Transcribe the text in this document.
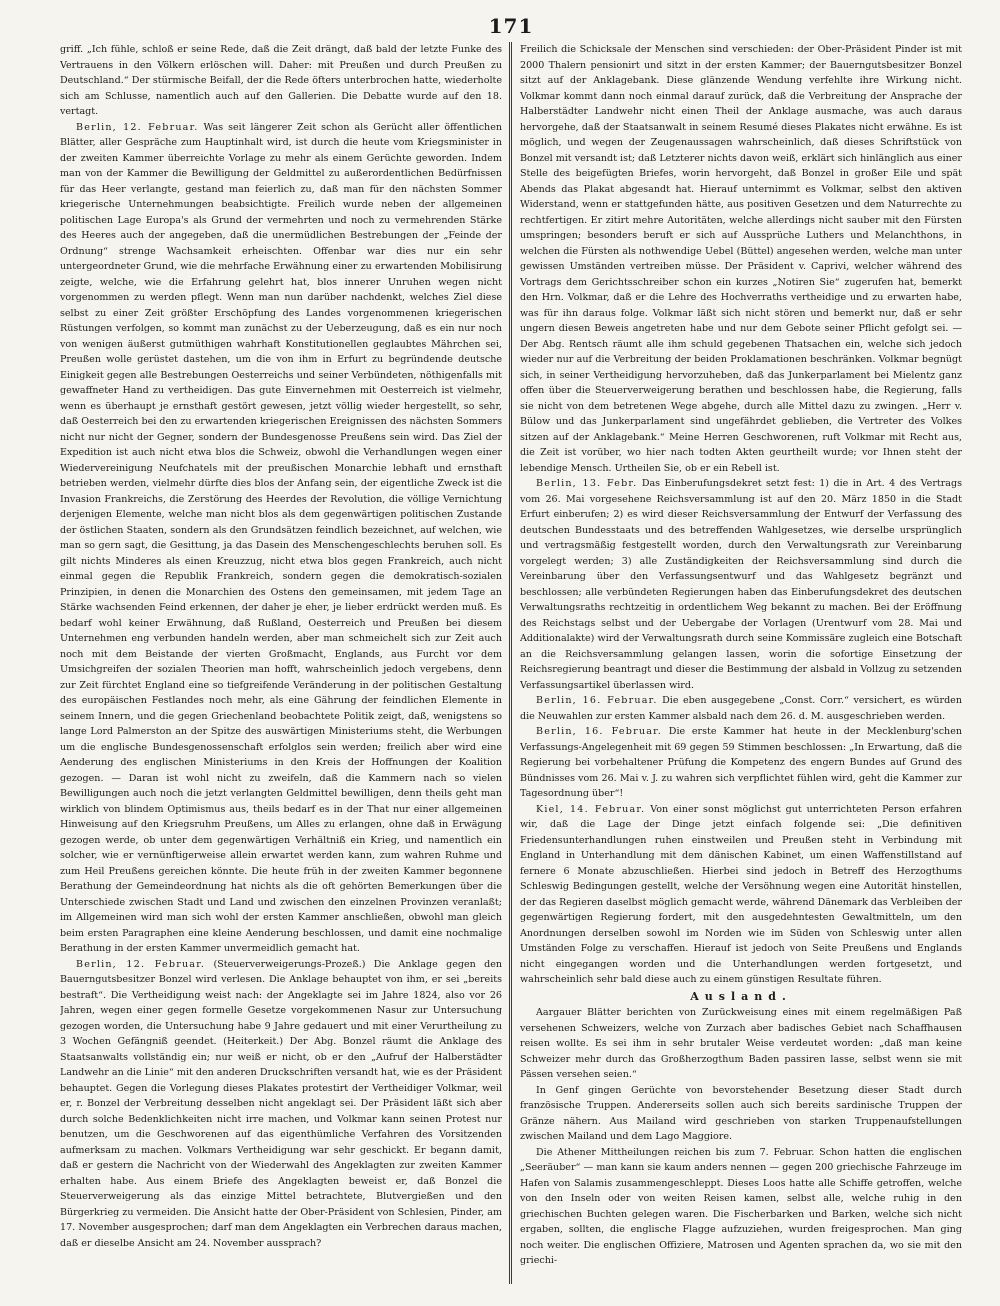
171

griff. „Ich fühle, schloß er seine Rede, daß die Zeit drängt, daß bald der letzte Funke des Vertrauens in den Völkern erlöschen will. Daher: mit Preußen und durch Preußen zu Deutschland.“ Der stürmische Beifall, der die Rede öfters unterbrochen hatte, wiederholte sich am Schlusse, namentlich auch auf den Gallerien. Die Debatte wurde auf den 18. vertagt.

Berlin, 12. Februar. Was seit längerer Zeit schon als Gerücht aller öffentlichen Blätter, aller Gespräche zum Hauptinhalt wird, ist durch die heute vom Kriegsminister in der zweiten Kammer überreichte Vorlage zu mehr als einem Gerüchte geworden. Indem man von der Kammer die Bewilligung der Geldmittel zu außerordentlichen Bedürfnissen für das Heer verlangte, gestand man feierlich zu, daß man für den nächsten Sommer kriegerische Unternehmungen beabsichtigte. Freilich wurde neben der allgemeinen politischen Lage Europa's als Grund der vermehrten und noch zu vermehrenden Stärke des Heeres auch der angegeben, daß die unermüdlichen Bestrebungen der „Feinde der Ordnung“ strenge Wachsamkeit erheischten. Offenbar war dies nur ein sehr untergeordneter Grund, wie die mehrfache Erwähnung einer zu erwartenden Mobilisirung zeigte, welche, wie die Erfahrung gelehrt hat, blos innerer Unruhen wegen nicht vorgenommen zu werden pflegt. Wenn man nun darüber nachdenkt, welches Ziel diese selbst zu einer Zeit größter Erschöpfung des Landes vorgenommenen kriegerischen Rüstungen verfolgen, so kommt man zunächst zu der Ueberzeugung, daß es ein nur noch von wenigen äußerst gutmüthigen wahrhaft Konstitutionellen geglaubtes Mährchen sei, Preußen wolle gerüstet dastehen, um die von ihm in Erfurt zu begründende deutsche Einigkeit gegen alle Bestrebungen Oesterreichs und seiner Verbündeten, nöthigenfalls mit gewaffneter Hand zu vertheidigen. Das gute Einvernehmen mit Oesterreich ist vielmehr, wenn es überhaupt je ernsthaft gestört gewesen, jetzt völlig wieder hergestellt, so sehr, daß Oesterreich bei den zu erwartenden kriegerischen Ereignissen des nächsten Sommers nicht nur nicht der Gegner, sondern der Bundesgenosse Preußens sein wird. Das Ziel der Expedition ist auch nicht etwa blos die Schweiz, obwohl die Verhandlungen wegen einer Wiedervereinigung Neufchatels mit der preußischen Monarchie lebhaft und ernsthaft betrieben werden, vielmehr dürfte dies blos der Anfang sein, der eigentliche Zweck ist die Invasion Frankreichs, die Zerstörung des Heerdes der Revolution, die völlige Vernichtung derjenigen Elemente, welche man nicht blos als dem gegenwärtigen politischen Zustande der östlichen Staaten, sondern als den Grundsätzen feindlich bezeichnet, auf welchen, wie man so gern sagt, die Gesittung, ja das Dasein des Menschengeschlechts beruhen soll. Es gilt nichts Minderes als einen Kreuzzug, nicht etwa blos gegen Frankreich, auch nicht einmal gegen die Republik Frankreich, sondern gegen die demokratisch-sozialen Prinzipien, in denen die Monarchien des Ostens den gemeinsamen, mit jedem Tage an Stärke wachsenden Feind erkennen, der daher je eher, je lieber erdrückt werden muß. Es bedarf wohl keiner Erwähnung, daß Rußland, Oesterreich und Preußen bei diesem Unternehmen eng verbunden handeln werden, aber man schmeichelt sich zur Zeit auch noch mit dem Beistande der vierten Großmacht, Englands, aus Furcht vor dem Umsichgreifen der sozialen Theorien man hofft, wahrscheinlich jedoch vergebens, denn zur Zeit fürchtet England eine so tiefgreifende Veränderung in der politischen Gestaltung des europäischen Festlandes noch mehr, als eine Gährung der feindlichen Elemente in seinem Innern, und die gegen Griechenland beobachtete Politik zeigt, daß, wenigstens so lange Lord Palmerston an der Spitze des auswärtigen Ministeriums steht, die Werbungen um die englische Bundesgenossenschaft erfolglos sein werden; freilich aber wird eine Aenderung des englischen Ministeriums in den Kreis der Hoffnungen der Koalition gezogen. — Daran ist wohl nicht zu zweifeln, daß die Kammern nach so vielen Bewilligungen auch noch die jetzt verlangten Geldmittel bewilligen, denn theils geht man wirklich von blindem Optimismus aus, theils bedarf es in der That nur einer allgemeinen Hinweisung auf den Kriegsruhm Preußens, um Alles zu erlangen, ohne daß in Erwägung gezogen werde, ob unter dem gegenwärtigen Verhältniß ein Krieg, und namentlich ein solcher, wie er vernünftigerweise allein erwartet werden kann, zum wahren Ruhme und zum Heil Preußens gereichen könnte. Die heute früh in der zweiten Kammer begonnene Berathung der Gemeindeordnung hat nichts als die oft gehörten Bemerkungen über die Unterschiede zwischen Stadt und Land und zwischen den einzelnen Provinzen veranlaßt; im Allgemeinen wird man sich wohl der ersten Kammer anschließen, obwohl man gleich beim ersten Paragraphen eine kleine Aenderung beschlossen, und damit eine nochmalige Berathung in der ersten Kammer unvermeidlich gemacht hat.

Berlin, 12. Februar. (Steuerverweigerungs-Prozeß.) Die Anklage gegen den Bauerngutsbesitzer Bonzel wird verlesen. Die Anklage behauptet von ihm, er sei „bereits bestraft“. Die Vertheidigung weist nach: der Angeklagte sei im Jahre 1824, also vor 26 Jahren, wegen einer gegen formelle Gesetze vorgekommenen Nasur zur Untersuchung gezogen worden, die Untersuchung habe 9 Jahre gedauert und mit einer Verurtheilung zu 3 Wochen Gefängniß geendet. (Heiterkeit.) Der Abg. Bonzel räumt die Anklage des Staatsanwalts vollständig ein; nur weiß er nicht, ob er den „Aufruf der Halberstädter Landwehr an die Linie“ mit den anderen Druckschriften versandt hat, wie es der Präsident behauptet. Gegen die Vorlegung dieses Plakates protestirt der Vertheidiger Volkmar, weil er, r. Bonzel der Verbreitung desselben nicht angeklagt sei. Der Präsident läßt sich aber durch solche Bedenklichkeiten nicht irre machen, und Volkmar kann seinen Protest nur benutzen, um die Geschworenen auf das eigenthümliche Verfahren des Vorsitzenden aufmerksam zu machen. Volkmars Vertheidigung war sehr geschickt. Er begann damit, daß er gestern die Nachricht von der Wiederwahl des Angeklagten zur zweiten Kammer erhalten habe. Aus einem Briefe des Angeklagten beweist er, daß Bonzel die Steuerverweigerung als das einzige Mittel betrachtete, Blutvergießen und den Bürgerkrieg zu vermeiden. Die Ansicht hatte der Ober-Präsident von Schlesien, Pinder, am 17. November ausgesprochen; darf man dem Angeklagten ein Verbrechen daraus machen, daß er dieselbe Ansicht am 24. November aussprach?

Freilich die Schicksale der Menschen sind verschieden: der Ober-Präsident Pinder ist mit 2000 Thalern pensionirt und sitzt in der ersten Kammer; der Bauerngutsbesitzer Bonzel sitzt auf der Anklagebank. Diese glänzende Wendung verfehlte ihre Wirkung nicht. Volkmar kommt dann noch einmal darauf zurück, daß die Verbreitung der Ansprache der Halberstädter Landwehr nicht einen Theil der Anklage ausmache, was auch daraus hervorgehe, daß der Staatsanwalt in seinem Resumé dieses Plakates nicht erwähne. Es ist möglich, und wegen der Zeugenaussagen wahrscheinlich, daß dieses Schriftstück von Bonzel mit versandt ist; daß Letzterer nichts davon weiß, erklärt sich hinlänglich aus einer Stelle des beigefügten Briefes, worin hervorgeht, daß Bonzel in großer Eile und spät Abends das Plakat abgesandt hat. Hierauf unternimmt es Volkmar, selbst den aktiven Widerstand, wenn er stattgefunden hätte, aus positiven Gesetzen und dem Naturrechte zu rechtfertigen. Er zitirt mehre Autoritäten, welche allerdings nicht sauber mit den Fürsten umspringen; besonders beruft er sich auf Aussprüche Luthers und Melanchthons, in welchen die Fürsten als nothwendige Uebel (Büttel) angesehen werden, welche man unter gewissen Umständen vertreiben müsse. Der Präsident v. Caprivi, welcher während des Vortrags dem Gerichtsschreiber schon ein kurzes „Notiren Sie“ zugerufen hat, bemerkt den Hrn. Volkmar, daß er die Lehre des Hochverraths vertheidige und zu erwarten habe, was für ihn daraus folge. Volkmar läßt sich nicht stören und bemerkt nur, daß er sehr ungern diesen Beweis angetreten habe und nur dem Gebote seiner Pflicht gefolgt sei. — Der Abg. Rentsch räumt alle ihm schuld gegebenen Thatsachen ein, welche sich jedoch wieder nur auf die Verbreitung der beiden Proklamationen beschränken. Volkmar begnügt sich, in seiner Vertheidigung hervorzuheben, daß das Junkerparlament bei Mielentz ganz offen über die Steuerverweigerung berathen und beschlossen habe, die Regierung, falls sie nicht von dem betretenen Wege abgehe, durch alle Mittel dazu zu zwingen. „Herr v. Bülow und das Junkerparlament sind ungefährdet geblieben, die Vertreter des Volkes sitzen auf der Anklagebank.“ Meine Herren Geschworenen, ruft Volkmar mit Recht aus, die Zeit ist vorüber, wo hier nach todten Akten geurtheilt wurde; vor Ihnen steht der lebendige Mensch. Urtheilen Sie, ob er ein Rebell ist.

Berlin, 13. Febr. Das Einberufungsdekret setzt fest: 1) die in Art. 4 des Vertrags vom 26. Mai vorgesehene Reichsversammlung ist auf den 20. März 1850 in die Stadt Erfurt einberufen; 2) es wird dieser Reichsversammlung der Entwurf der Verfassung des deutschen Bundesstaats und des betreffenden Wahlgesetzes, wie derselbe ursprünglich und vertragsmäßig festgestellt worden, durch den Verwaltungsrath zur Vereinbarung vorgelegt werden; 3) alle Zuständigkeiten der Reichsversammlung sind durch die Vereinbarung über den Verfassungsentwurf und das Wahlgesetz begränzt und beschlossen; alle verbündeten Regierungen haben das Einberufungsdekret des deutschen Verwaltungsraths rechtzeitig in ordentlichem Weg bekannt zu machen. Bei der Eröffnung des Reichstags selbst und der Uebergabe der Vorlagen (Urentwurf vom 28. Mai und Additionalakte) wird der Verwaltungsrath durch seine Kommissäre zugleich eine Botschaft an die Reichsversammlung gelangen lassen, worin die sofortige Einsetzung der Reichsregierung beantragt und dieser die Bestimmung der alsbald in Vollzug zu setzenden Verfassungsartikel überlassen wird.

Berlin, 16. Februar. Die eben ausgegebene „Const. Corr.“ versichert, es würden die Neuwahlen zur ersten Kammer alsbald nach dem 26. d. M. ausgeschrieben werden.

Berlin, 16. Februar. Die erste Kammer hat heute in der Mecklenburg'schen Verfassungs-Angelegenheit mit 69 gegen 59 Stimmen beschlossen: „In Erwartung, daß die Regierung bei vorbehaltener Prüfung die Kompetenz des engern Bundes auf Grund des Bündnisses vom 26. Mai v. J. zu wahren sich verpflichtet fühlen wird, geht die Kammer zur Tagesordnung über“!

Kiel, 14. Februar. Von einer sonst möglichst gut unterrichteten Person erfahren wir, daß die Lage der Dinge jetzt einfach folgende sei: „Die definitiven Friedensunterhandlungen ruhen einstweilen und Preußen steht in Verbindung mit England in Unterhandlung mit dem dänischen Kabinet, um einen Waffenstillstand auf fernere 6 Monate abzuschließen. Hierbei sind jedoch in Betreff des Herzogthums Schleswig Bedingungen gestellt, welche der Versöhnung wegen eine Autorität hinstellen, der das Regieren daselbst möglich gemacht werde, während Dänemark das Verbleiben der gegenwärtigen Regierung fordert, mit den ausgedehntesten Gewaltmitteln, um den Anordnungen derselben sowohl im Norden wie im Süden von Schleswig unter allen Umständen Folge zu verschaffen. Hierauf ist jedoch von Seite Preußens und Englands nicht eingegangen worden und die Unterhandlungen werden fortgesetzt, und wahrscheinlich sehr bald diese auch zu einem günstigen Resultate führen.

Ausland.

Aargauer Blätter berichten von Zurückweisung eines mit einem regelmäßigen Paß versehenen Schweizers, welche von Zurzach aber badisches Gebiet nach Schaffhausen reisen wollte. Es sei ihm in sehr brutaler Weise verdeutet worden: „daß man keine Schweizer mehr durch das Großherzogthum Baden passiren lasse, selbst wenn sie mit Pässen versehen seien.“

In Genf gingen Gerüchte von bevorstehender Besetzung dieser Stadt durch französische Truppen. Andererseits sollen auch sich bereits sardinische Truppen der Gränze nähern. Aus Mailand wird geschrieben von starken Truppenaufstellungen zwischen Mailand und dem Lago Maggiore.

Die Athener Mittheilungen reichen bis zum 7. Februar. Schon hatten die englischen „Seeräuber“ — man kann sie kaum anders nennen — gegen 200 griechische Fahrzeuge im Hafen von Salamis zusammengeschleppt. Dieses Loos hatte alle Schiffe getroffen, welche von den Inseln oder von weiten Reisen kamen, selbst alle, welche ruhig in den griechischen Buchten gelegen waren. Die Fischerbarken und Barken, welche sich nicht ergaben, sollten, die englische Flagge aufzuziehen, wurden freigesprochen. Man ging noch weiter. Die englischen Offiziere, Matrosen und Agenten sprachen da, wo sie mit den griechi-
